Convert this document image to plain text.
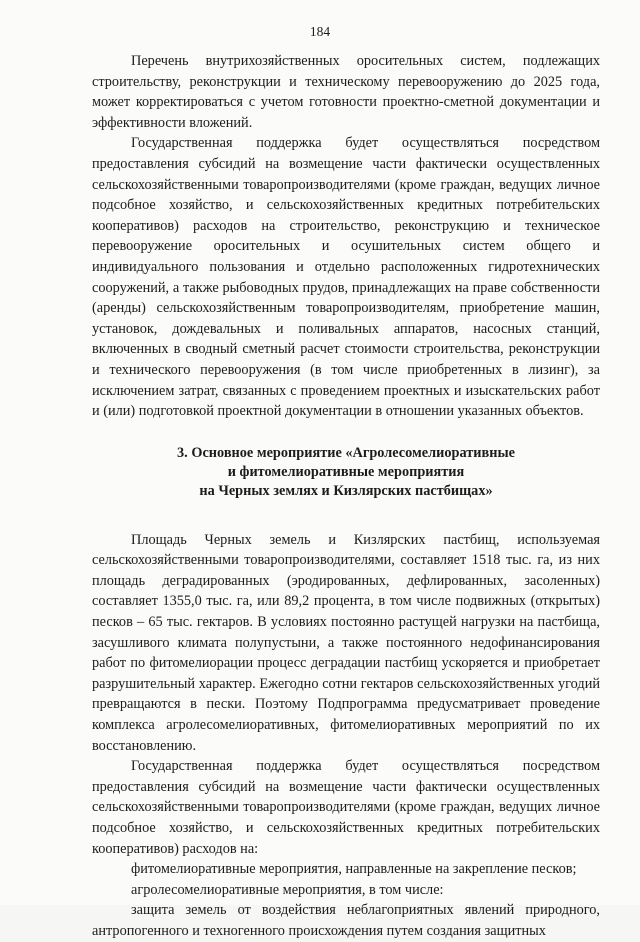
184

Перечень внутрихозяйственных оросительных систем, подлежащих строительству, реконструкции и техническому перевооружению до 2025 года, может корректироваться с учетом готовности проектно-сметной документации и эффективности вложений.

Государственная поддержка будет осуществляться посредством предоставления субсидий на возмещение части фактически осуществленных сельскохозяйственными товаропроизводителями (кроме граждан, ведущих личное подсобное хозяйство, и сельскохозяйственных кредитных потребительских кооперативов) расходов на строительство, реконструкцию и техническое перевооружение оросительных и осушительных систем общего и индивидуального пользования и отдельно расположенных гидротехнических сооружений, а также рыбоводных прудов, принадлежащих на праве собственности (аренды) сельскохозяйственным товаропроизводителям, приобретение машин, установок, дождевальных и поливальных аппаратов, насосных станций, включенных в сводный сметный расчет стоимости строительства, реконструкции и технического перевооружения (в том числе приобретенных в лизинг), за исключением затрат, связанных с проведением проектных и изыскательских работ и (или) подготовкой проектной документации в отношении указанных объектов.

3. Основное мероприятие «Агролесомелиоративные
и фитомелиоративные мероприятия
на Черных землях и Кизлярских пастбищах»

Площадь Черных земель и Кизлярских пастбищ, используемая сельскохозяйственными товаропроизводителями, составляет 1518 тыс. га, из них площадь деградированных (эродированных, дефлированных, засоленных) составляет 1355,0 тыс. га, или 89,2 процента, в том числе подвижных (открытых) песков – 65 тыс. гектаров. В условиях постоянно растущей нагрузки на пастбища, засушливого климата полупустыни, а также постоянного недофинансирования работ по фитомелиорации процесс деградации пастбищ ускоряется и приобретает разрушительный характер. Ежегодно сотни гектаров сельскохозяйственных угодий превращаются в пески. Поэтому Подпрограмма предусматривает проведение комплекса агролесомелиоративных, фитомелиоративных мероприятий по их восстановлению.

Государственная поддержка будет осуществляться посредством предоставления субсидий на возмещение части фактически осуществленных сельскохозяйственными товаропроизводителями (кроме граждан, ведущих личное подсобное хозяйство, и сельскохозяйственных кредитных потребительских кооперативов) расходов на:

фитомелиоративные мероприятия, направленные на закрепление песков;

агролесомелиоративные мероприятия, в том числе:

защита земель от воздействия неблагоприятных явлений природного, антропогенного и техногенного происхождения путем создания защитных
